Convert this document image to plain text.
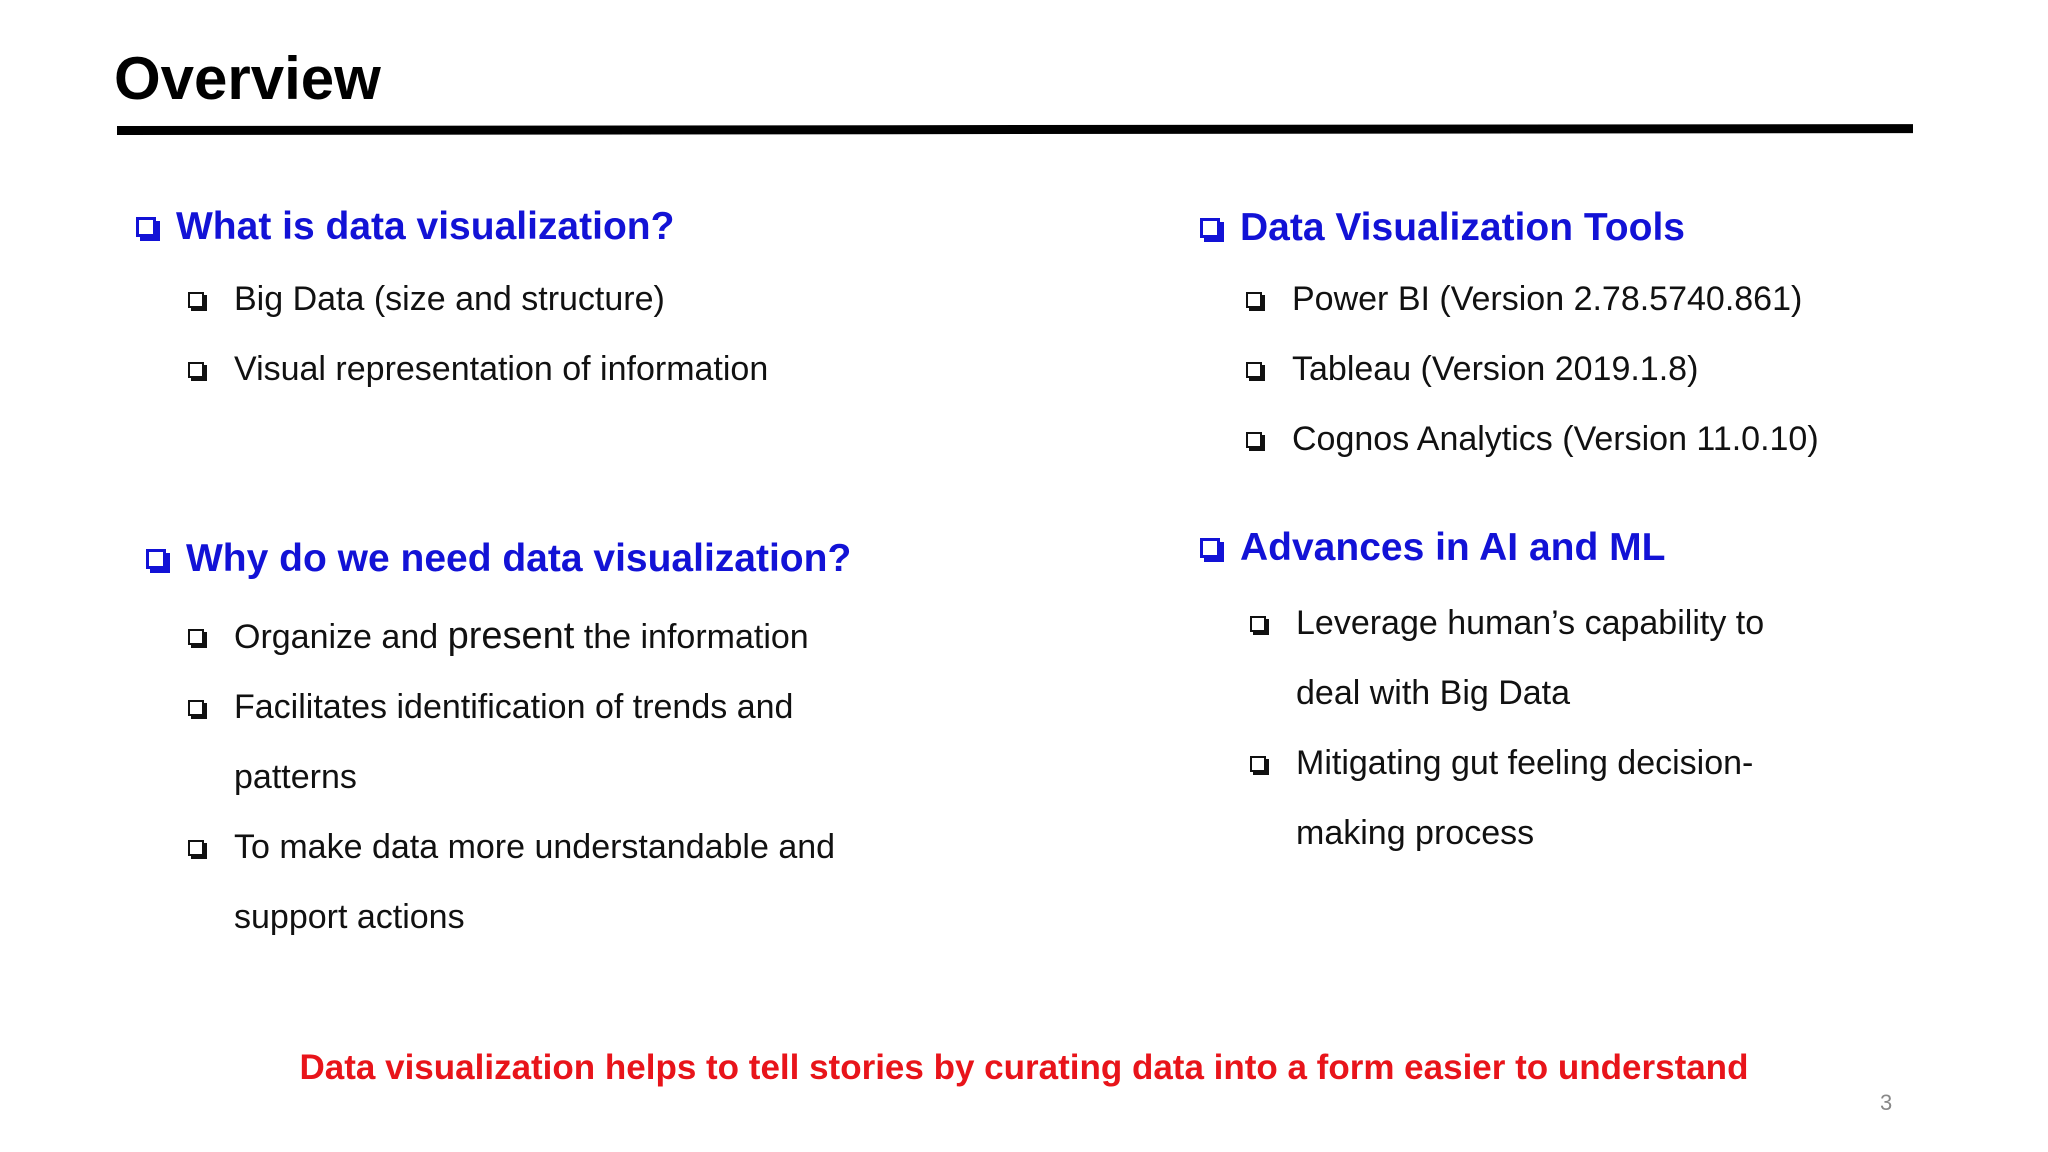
Overview
What is data visualization?
Big Data (size and structure)
Visual representation of information
Why do we need data visualization?
Organize and present the information
Facilitates identification of trends and patterns
To make data more understandable and support actions
Data Visualization Tools
Power BI (Version 2.78.5740.861)
Tableau (Version 2019.1.8)
Cognos Analytics (Version 11.0.10)
Advances in AI and ML
Leverage human’s capability to deal with Big Data
Mitigating gut feeling decision-making process
Data visualization helps to tell stories by curating data into a form easier to understand
3
